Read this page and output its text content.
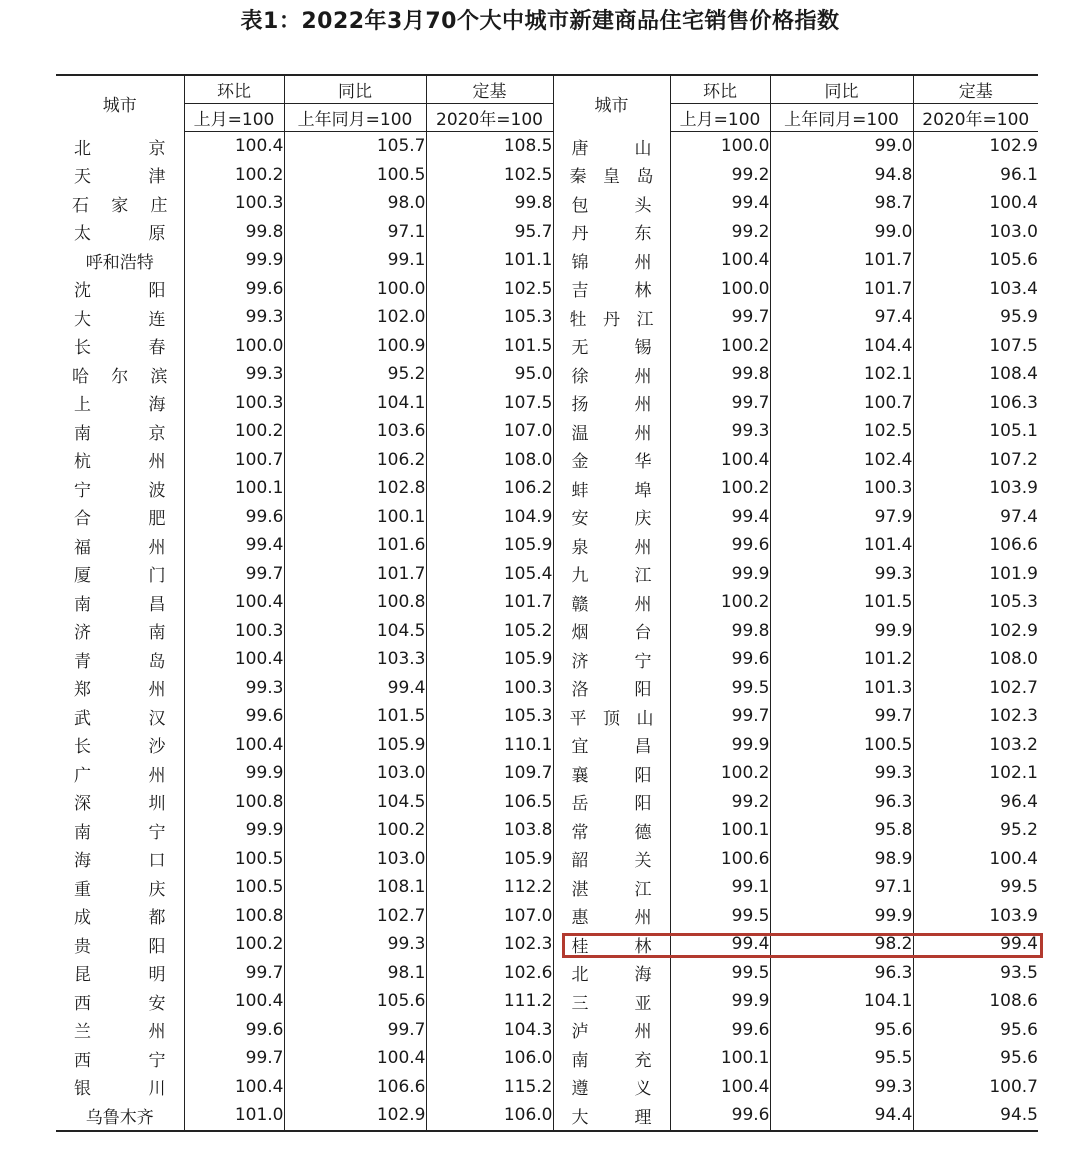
表1：2022年3月70个大中城市新建商品住宅销售价格指数
城市	环比	同比	定基	城市	环比	同比	定基
	上月=100	上年同月=100	2020年=100		上月=100	上年同月=100	2020年=100

北 京	100.4	105.7	108.5	唐 山	100.0	99.0	102.9

天 津	100.2	100.5	102.5	秦 皇 岛	99.2	94.8	96.1

石 家 庄	100.3	98.0	99.8	包 头	99.4	98.7	100.4

太 原	99.8	97.1	95.7	丹 东	99.2	99.0	103.0

呼和浩特	99.9	99.1	101.1	锦 州	100.4	101.7	105.6

沈 阳	99.6	100.0	102.5	吉 林	100.0	101.7	103.4

大 连	99.3	102.0	105.3	牡 丹 江	99.7	97.4	95.9

长 春	100.0	100.9	101.5	无 锡	100.2	104.4	107.5

哈 尔 滨	99.3	95.2	95.0	徐 州	99.8	102.1	108.4

上 海	100.3	104.1	107.5	扬 州	99.7	100.7	106.3

南 京	100.2	103.6	107.0	温 州	99.3	102.5	105.1

杭 州	100.7	106.2	108.0	金 华	100.4	102.4	107.2

宁 波	100.1	102.8	106.2	蚌 埠	100.2	100.3	103.9

合 肥	99.6	100.1	104.9	安 庆	99.4	97.9	97.4

福 州	99.4	101.6	105.9	泉 州	99.6	101.4	106.6

厦 门	99.7	101.7	105.4	九 江	99.9	99.3	101.9

南 昌	100.4	100.8	101.7	赣 州	100.2	101.5	105.3

济 南	100.3	104.5	105.2	烟 台	99.8	99.9	102.9

青 岛	100.4	103.3	105.9	济 宁	99.6	101.2	108.0

郑 州	99.3	99.4	100.3	洛 阳	99.5	101.3	102.7

武 汉	99.6	101.5	105.3	平 顶 山	99.7	99.7	102.3

长 沙	100.4	105.9	110.1	宜 昌	99.9	100.5	103.2

广 州	99.9	103.0	109.7	襄 阳	100.2	99.3	102.1

深 圳	100.8	104.5	106.5	岳 阳	99.2	96.3	96.4

南 宁	99.9	100.2	103.8	常 德	100.1	95.8	95.2

海 口	100.5	103.0	105.9	韶 关	100.6	98.9	100.4

重 庆	100.5	108.1	112.2	湛 江	99.1	97.1	99.5

成 都	100.8	102.7	107.0	惠 州	99.5	99.9	103.9

贵 阳	100.2	99.3	102.3	桂 林	99.4	98.2	99.4

昆 明	99.7	98.1	102.6	北 海	99.5	96.3	93.5

西 安	100.4	105.6	111.2	三 亚	99.9	104.1	108.6

兰 州	99.6	99.7	104.3	泸 州	99.6	95.6	95.6

西 宁	99.7	100.4	106.0	南 充	100.1	95.5	95.6

银 川	100.4	106.6	115.2	遵 义	100.4	99.3	100.7

乌鲁木齐	101.0	102.9	106.0	大 理	99.6	94.4	94.5
